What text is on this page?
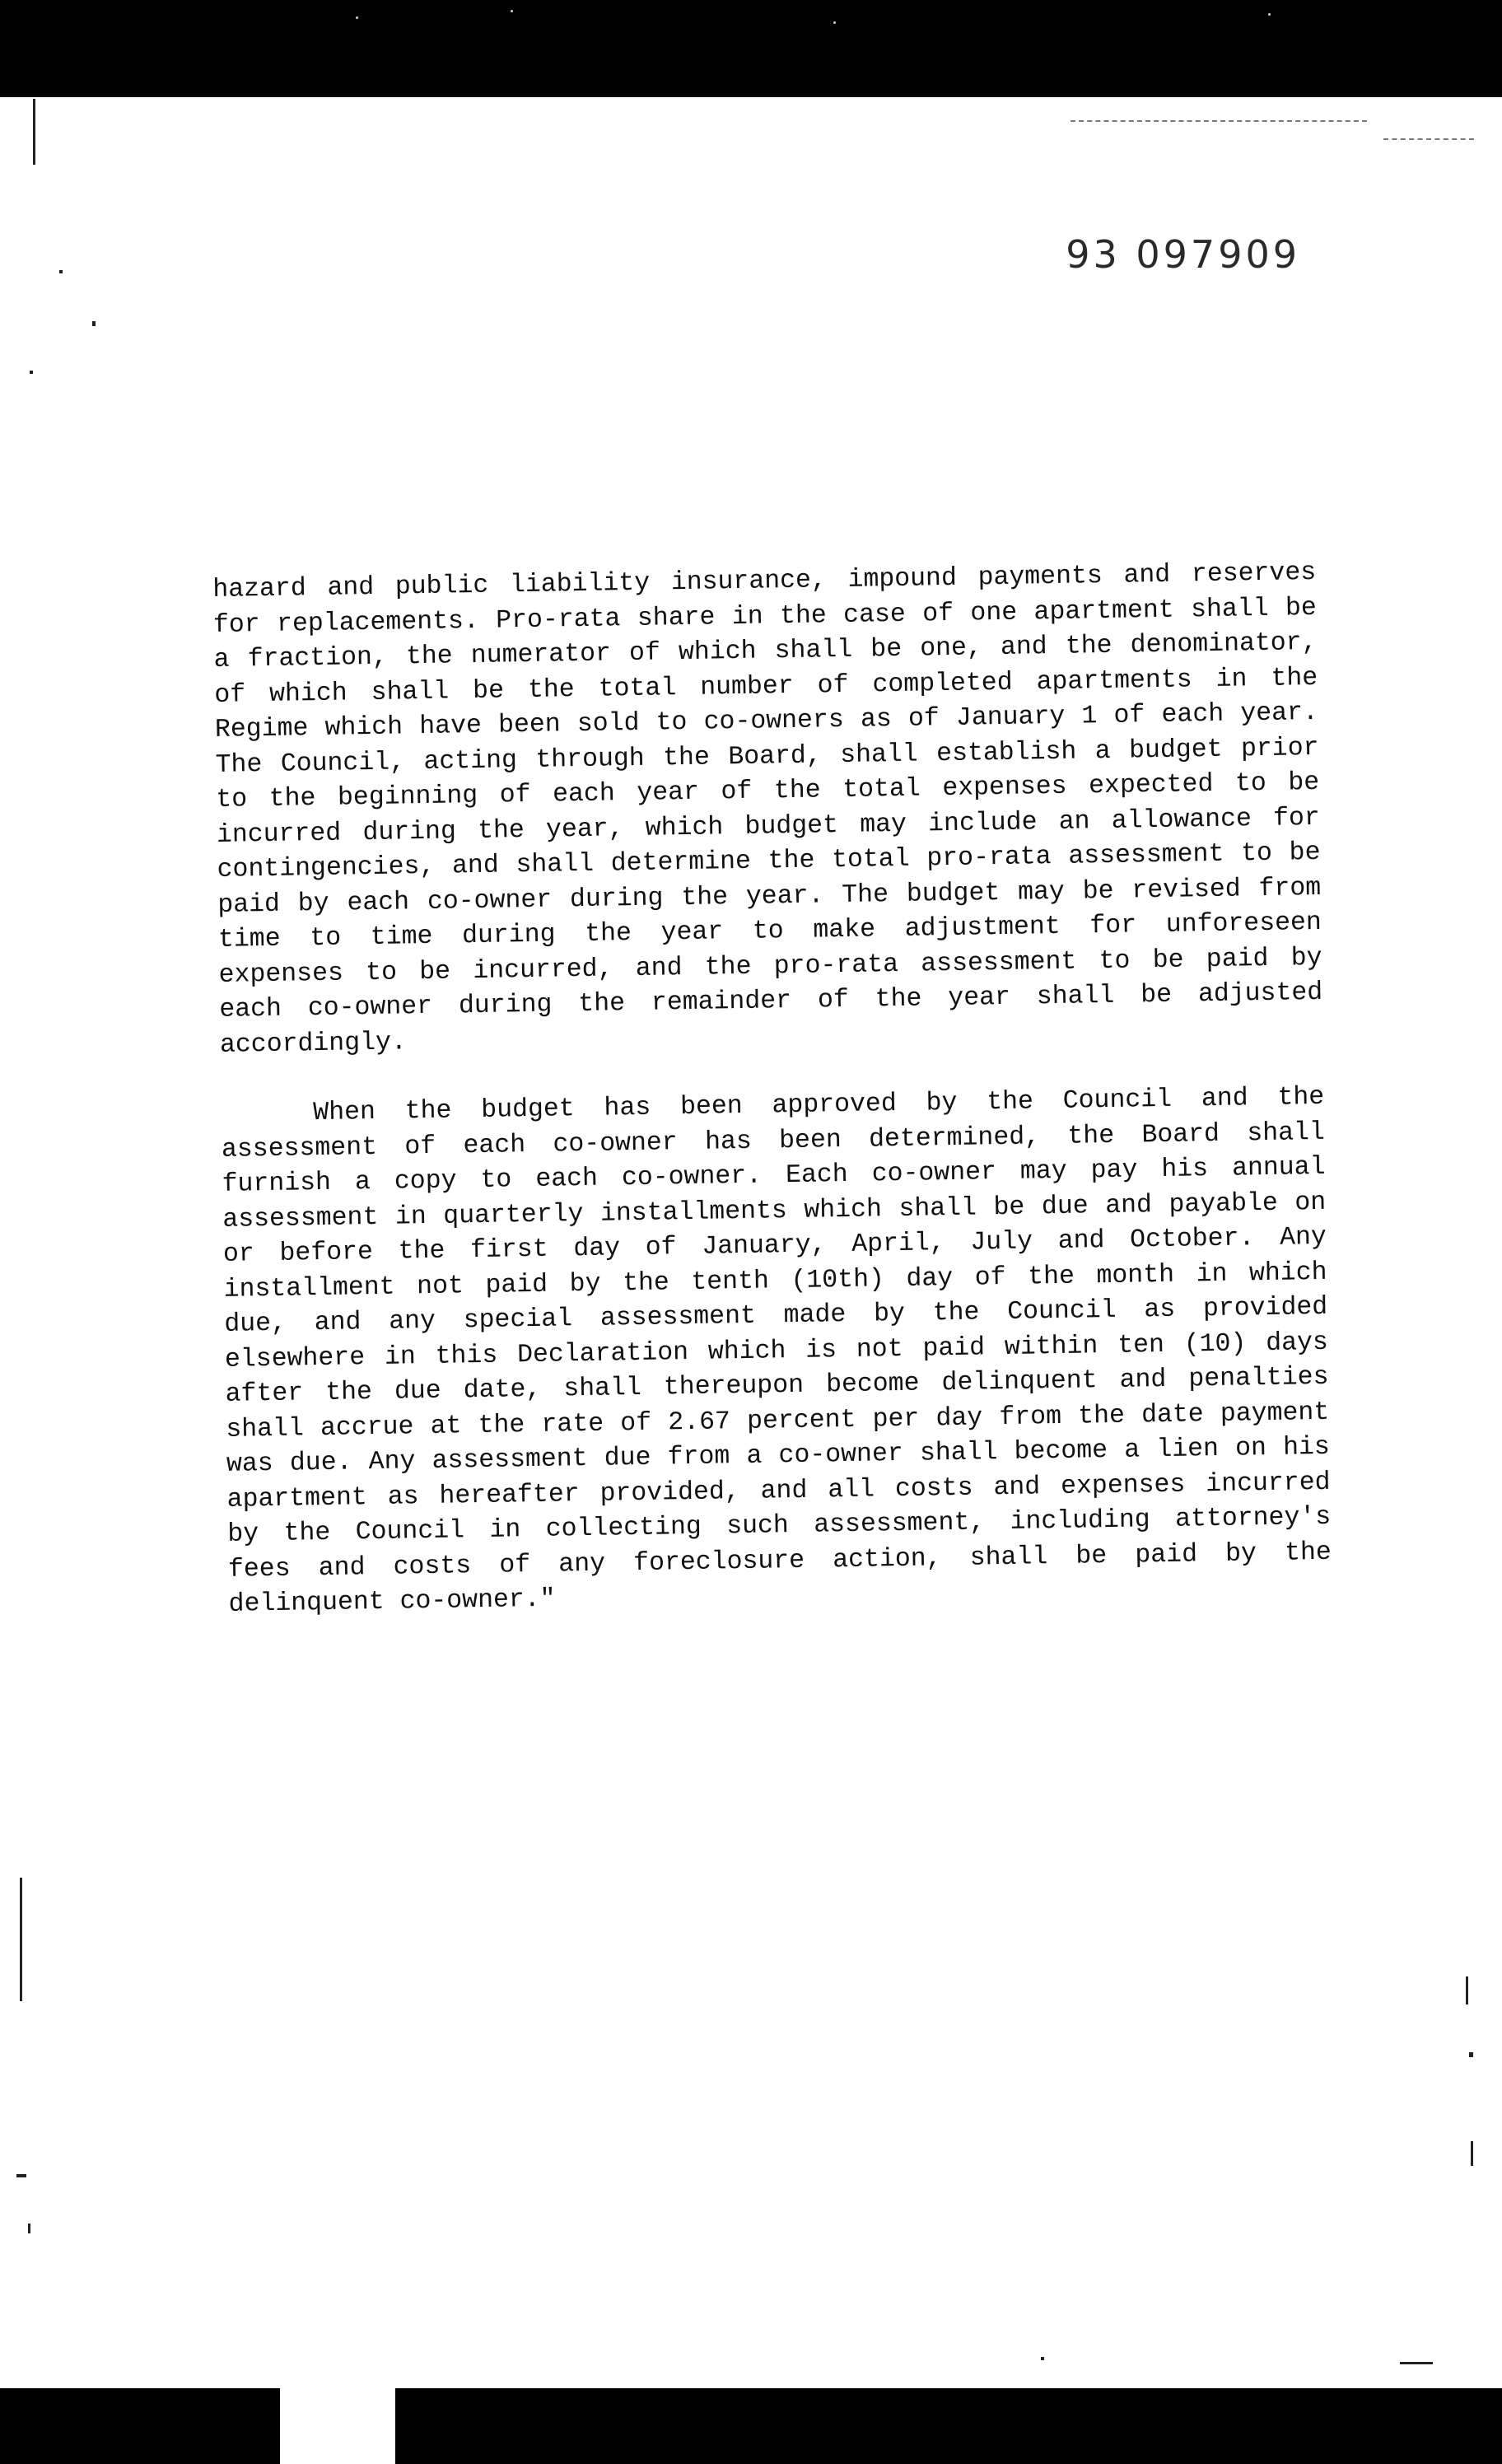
93 097909

hazard and public liability insurance, impound payments and reserves for replacements. Pro-rata share in the case of one apartment shall be a fraction, the numerator of which shall be one, and the denominator, of which shall be the total number of completed apartments in the Regime which have been sold to co-owners as of January 1 of each year. The Council, acting through the Board, shall establish a budget prior to the beginning of each year of the total expenses expected to be incurred during the year, which budget may include an allowance for contingencies, and shall determine the total pro-rata assessment to be paid by each co-owner during the year. The budget may be revised from time to time during the year to make adjustment for unforeseen expenses to be incurred, and the pro-rata assessment to be paid by each co-owner during the remainder of the year shall be adjusted accordingly.

When the budget has been approved by the Council and the assessment of each co-owner has been determined, the Board shall furnish a copy to each co-owner. Each co-owner may pay his annual assessment in quarterly installments which shall be due and payable on or before the first day of January, April, July and October. Any installment not paid by the tenth (10th) day of the month in which due, and any special assessment made by the Council as provided elsewhere in this Declaration which is not paid within ten (10) days after the due date, shall thereupon become delinquent and penalties shall accrue at the rate of 2.67 percent per day from the date payment was due. Any assessment due from a co-owner shall become a lien on his apartment as hereafter provided, and all costs and expenses incurred by the Council in collecting such assessment, including attorney's fees and costs of any foreclosure action, shall be paid by the delinquent co-owner."
